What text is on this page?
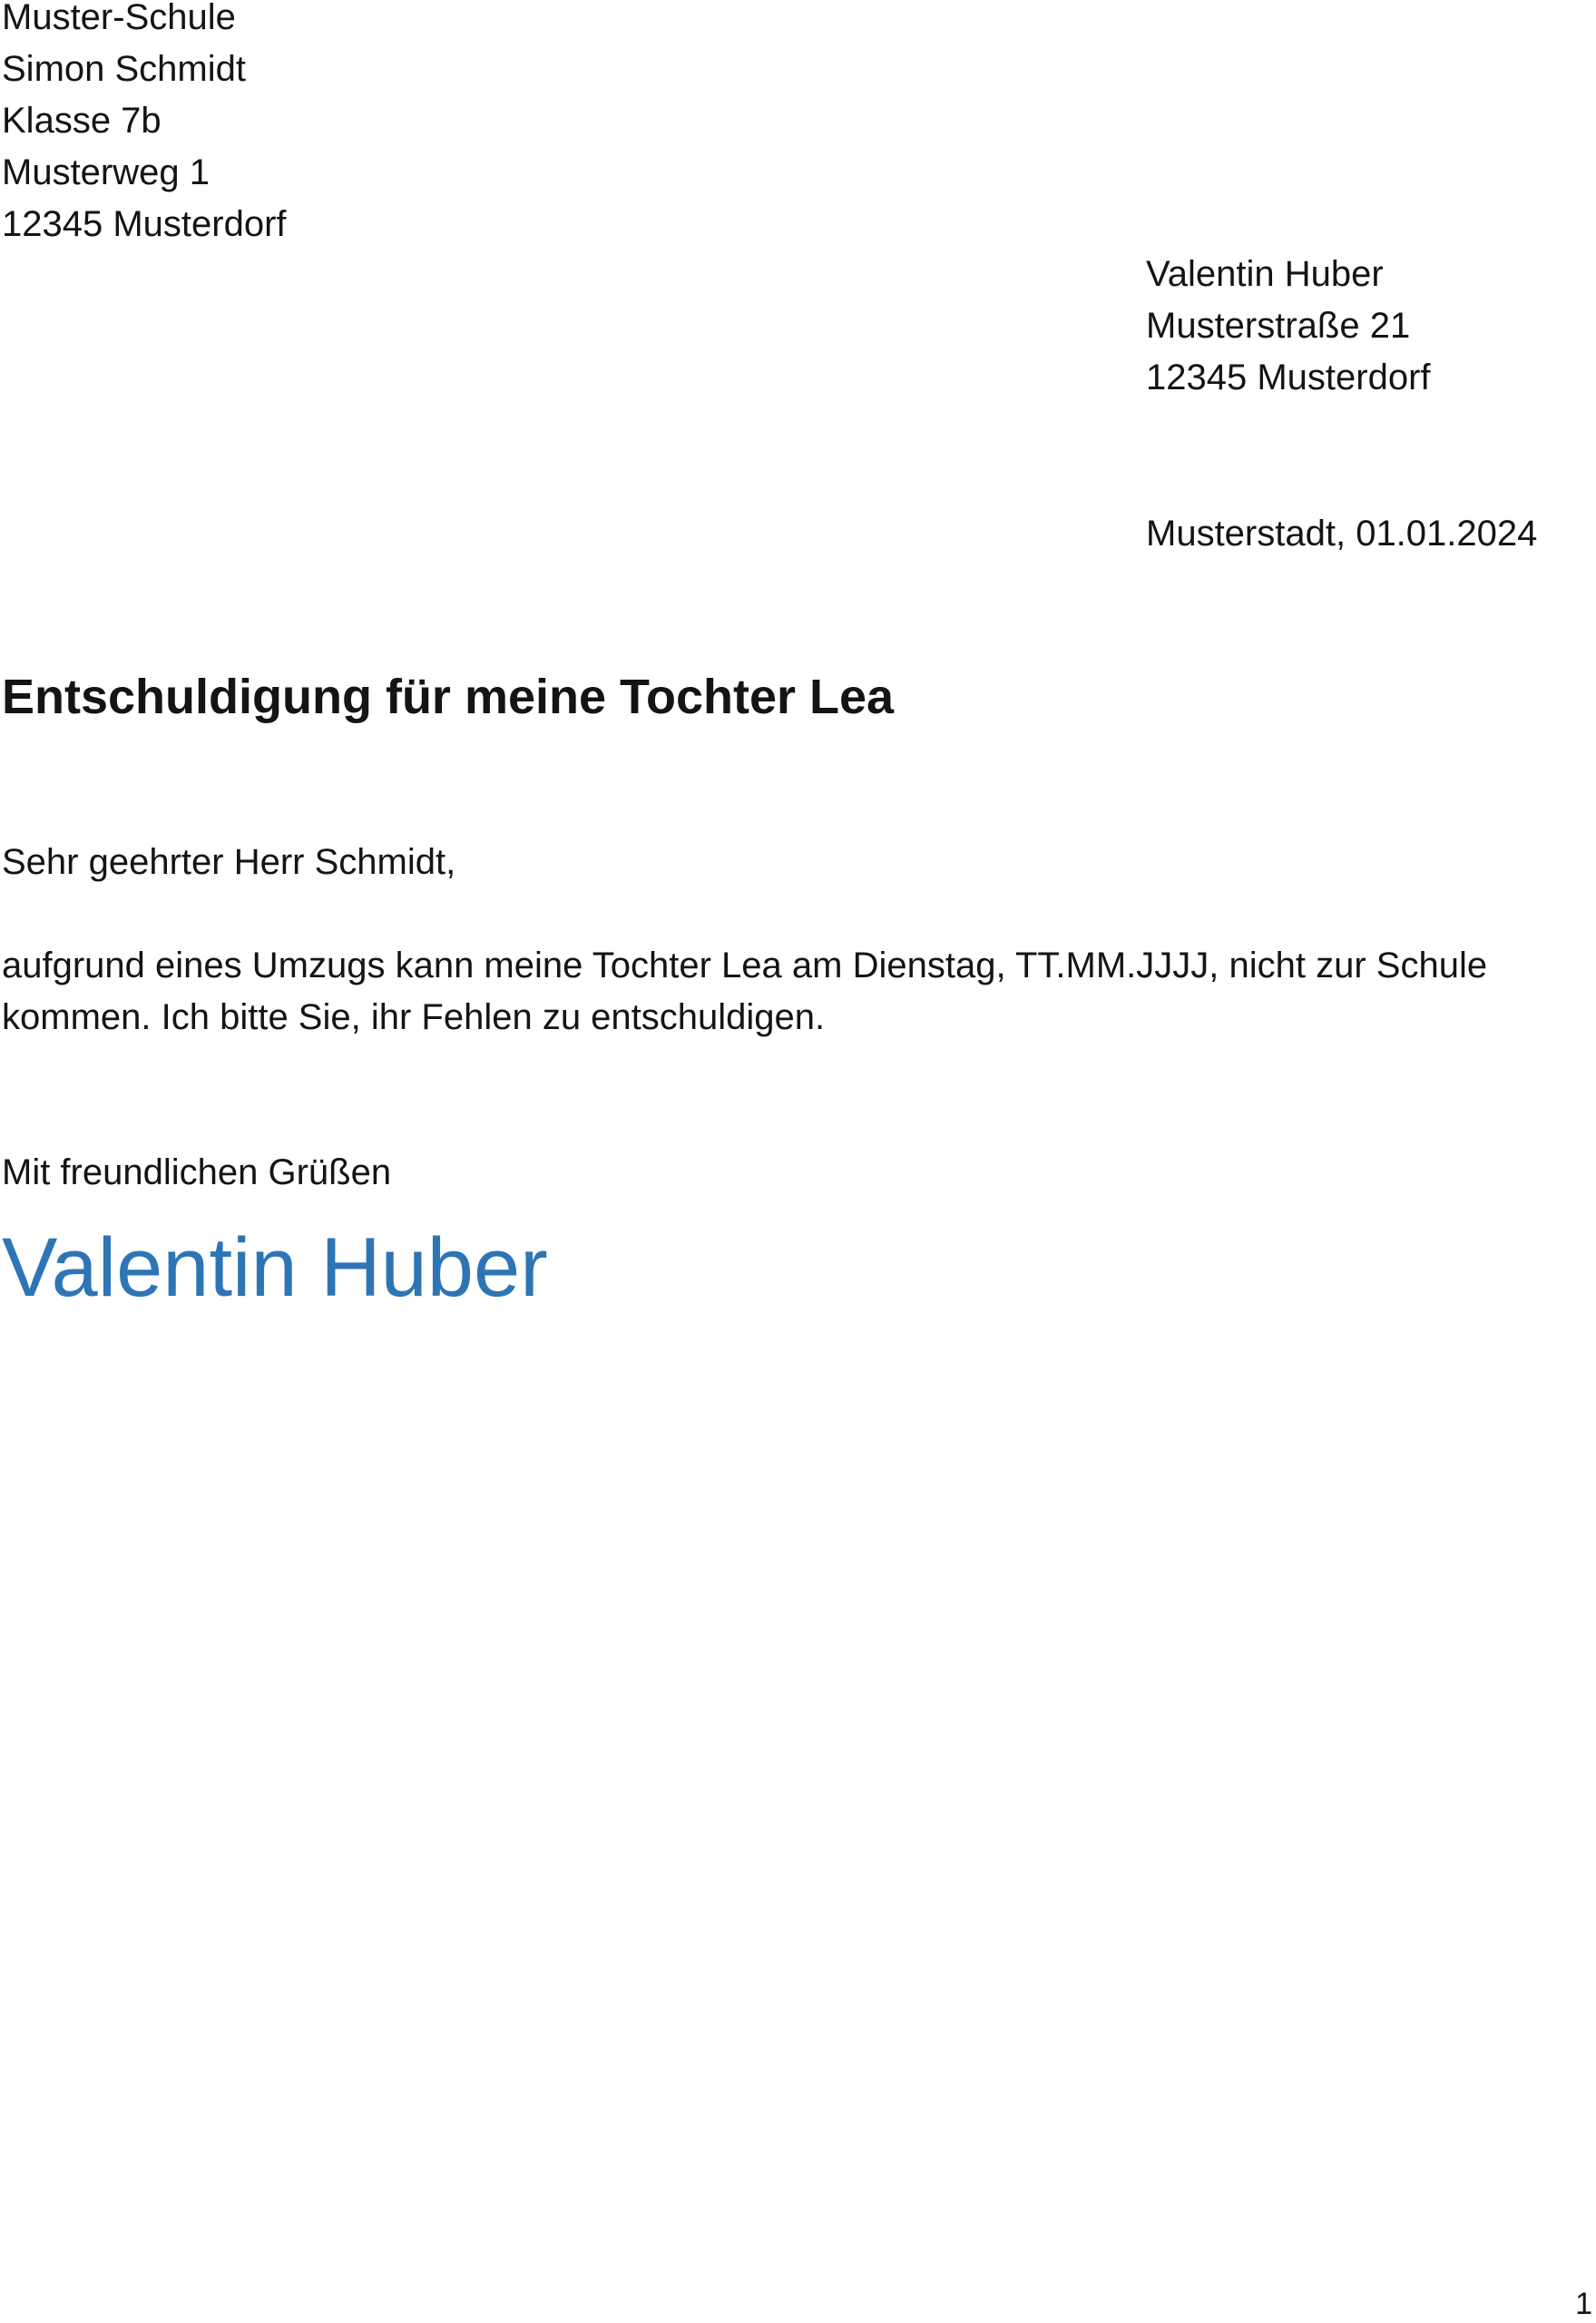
Muster-Schule

Simon Schmidt

Klasse 7b

Musterweg 1

12345 Musterdorf

Valentin Huber

Musterstraße 21

12345 Musterdorf

Musterstadt, 01.01.2024
Entschuldigung für meine Tochter Lea
Sehr geehrter Herr Schmidt,

aufgrund eines Umzugs kann meine Tochter Lea am Dienstag, TT.MM.JJJJ, nicht zur Schule

kommen. Ich bitte Sie, ihr Fehlen zu entschuldigen.

Mit freundlichen Grüßen
Valentin Huber
1
